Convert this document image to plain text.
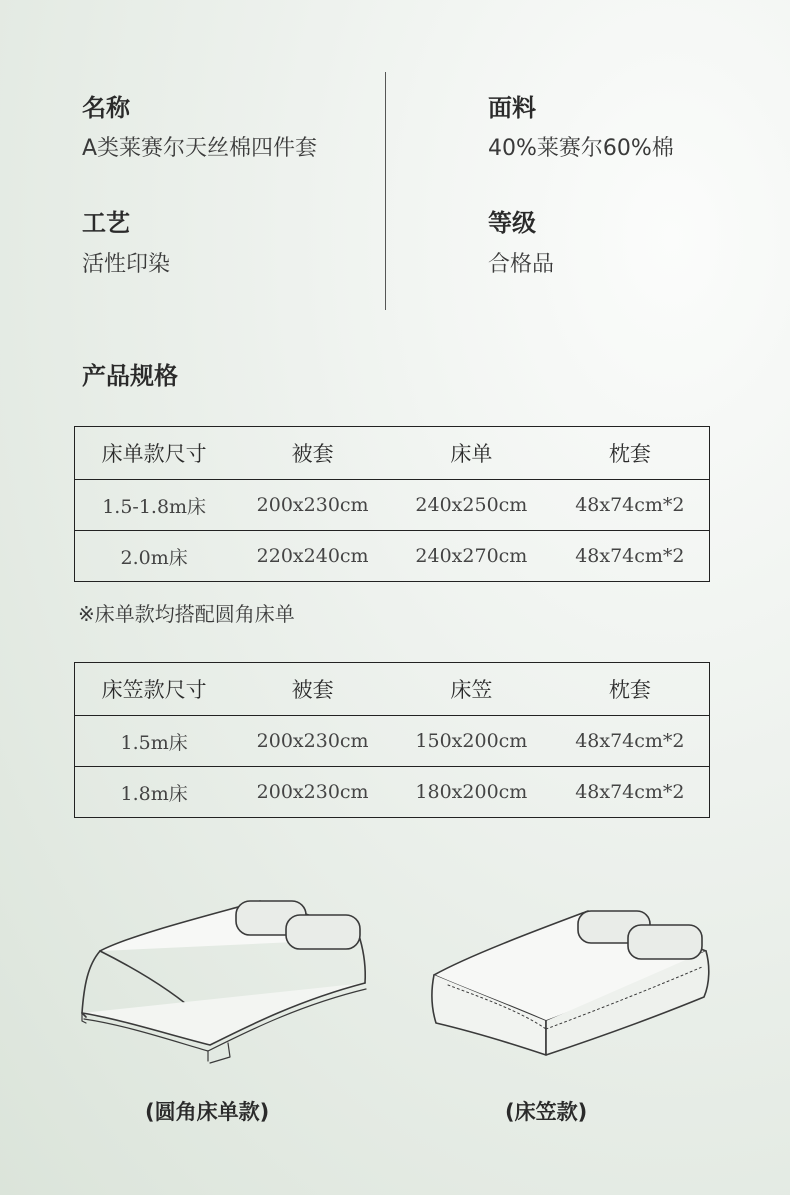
名称
A类莱赛尔天丝棉四件套
面料
40%莱赛尔60%棉
工艺
活性印染
等级
合格品
产品规格
床单款尺寸	被套	床单	枕套
1.5-1.8m床	200x230cm	240x250cm	48x74cm*2
2.0m床	220x240cm	240x270cm	48x74cm*2
※床单款均搭配圆角床单
床笠款尺寸	被套	床笠	枕套
1.5m床	200x230cm	150x200cm	48x74cm*2
1.8m床	200x230cm	180x200cm	48x74cm*2
(圆角床单款)	(床笠款)
